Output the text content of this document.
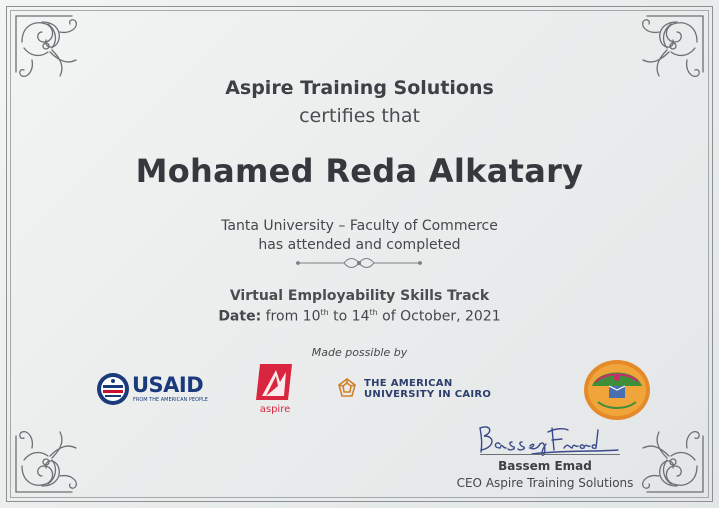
Aspire Training Solutions
certifies that
Mohamed Reda Alkatary
Tanta University – Faculty of Commerce
has attended and completed
Virtual Employability Skills Track
Date: from 10th to 14th of October, 2021
Made possible by
USAID
FROM THE AMERICAN PEOPLE
aspire
THE AMERICAN
UNIVERSITY IN CAIRO
Bassem Emad
CEO Aspire Training Solutions
